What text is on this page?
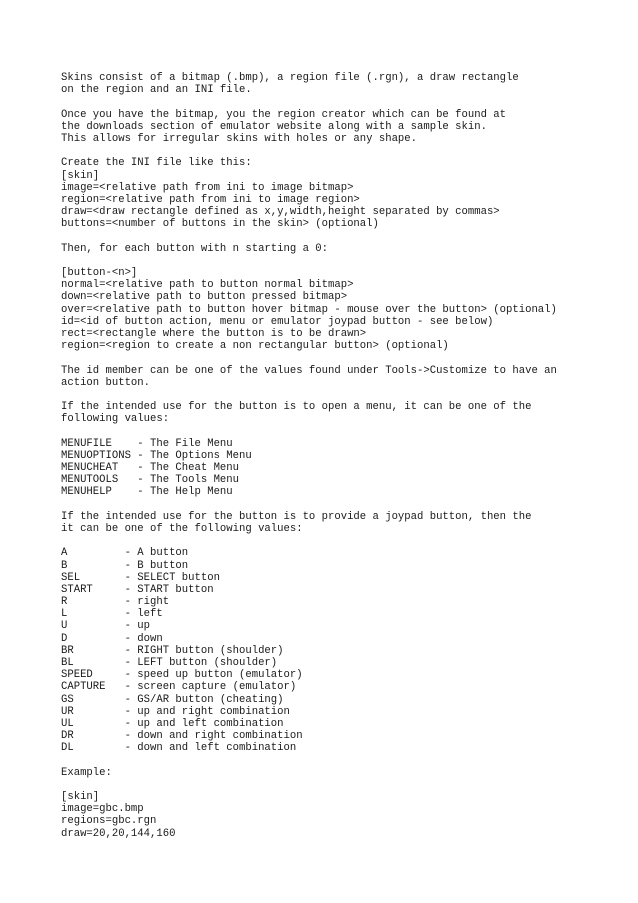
Skins consist of a bitmap (.bmp), a region file (.rgn), a draw rectangle
on the region and an INI file.
Once you have the bitmap, you the region creator which can be found at
the downloads section of emulator website along with a sample skin.
This allows for irregular skins with holes or any shape.
Create the INI file like this:
[skin]
image=<relative path from ini to image bitmap>
region=<relative path from ini to image region>
draw=<draw rectangle defined as x,y,width,height separated by commas>
buttons=<number of buttons in the skin> (optional)
Then, for each button with n starting a 0:
[button-<n>]
normal=<relative path to button normal bitmap>
down=<relative path to button pressed bitmap>
over=<relative path to button hover bitmap - mouse over the button> (optional)
id=<id of button action, menu or emulator joypad button - see below)
rect=<rectangle where the button is to be drawn>
region=<region to create a non rectangular button> (optional)
The id member can be one of the values found under Tools->Customize to have an
action button.
If the intended use for the button is to open a menu, it can be one of the
following values:
MENUFILE    - The File Menu
MENUOPTIONS - The Options Menu
MENUCHEAT   - The Cheat Menu
MENUTOOLS   - The Tools Menu
MENUHELP    - The Help Menu
If the intended use for the button is to provide a joypad button, then the
it can be one of the following values:
A         - A button
B         - B button
SEL       - SELECT button
START     - START button
R         - right
L         - left
U         - up
D         - down
BR        - RIGHT button (shoulder)
BL        - LEFT button (shoulder)
SPEED     - speed up button (emulator)
CAPTURE   - screen capture (emulator)
GS        - GS/AR button (cheating)
UR        - up and right combination
UL        - up and left combination
DR        - down and right combination
DL        - down and left combination
Example:
[skin]
image=gbc.bmp
regions=gbc.rgn
draw=20,20,144,160
